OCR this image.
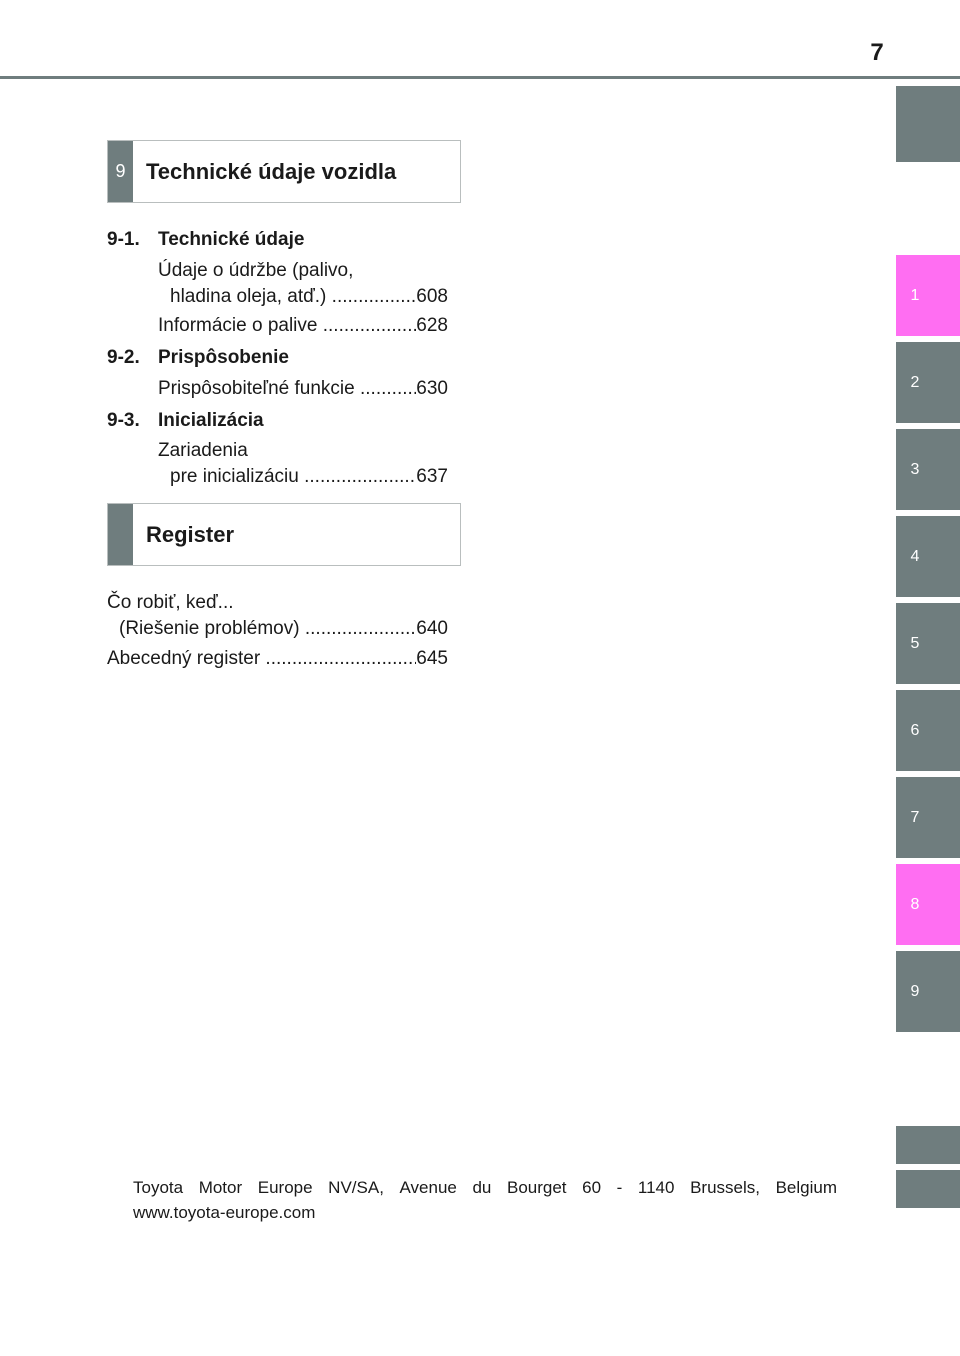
7
1
2
3
4
5
6
7
8
9
9 Technické údaje vozidla
9-1. Technické údaje
Údaje o údržbe (palivo,
hladina oleja, atď.) .....	608
Informácie o palive .....	628
9-2. Prispôsobenie
Prispôsobiteľné funkcie .....	630
9-3. Inicializácia
Zariadenia
pre inicializáciu .....	637
Register
Čo robiť, keď...
(Riešenie problémov) .....	640
Abecedný register .....	645
Toyota Motor Europe NV/SA, Avenue du Bourget 60 - 1140 Brussels, Belgium
www.toyota-europe.com
